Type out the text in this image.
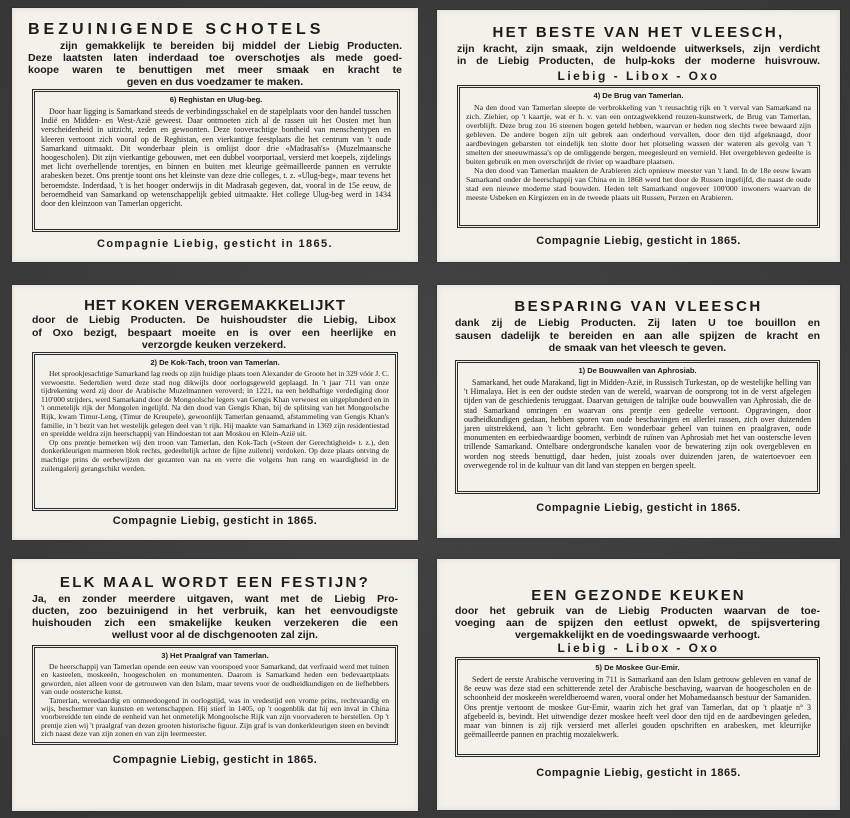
BEZUINIGENDE SCHOTELS
zijn gemakkelijk te bereiden bij middel der Liebig Producten.
Deze laatsten laten inderdaad toe overschotjes als mede goed-
koope waren te benuttigen met meer smaak en kracht te
geven en dus voedzamer te maken.
6) Reghistan en Ulug-beg.

Door haar ligging is Samarkand steeds de verbindingsschakel en de stapelplaats voor den handel tusschen Indië en Midden- en West-Azië geweest. Daar ontmoeten zich al de rassen uit het Oosten met hun verscheidenheid in uitzicht, zeden en gewoonten. Deze tooverachtige bontheid van menschentypen en kleeren vertoont zich vooral op de Reghistan, een vierkantige feestplaats die het centrum van 't oude Samarkand uitmaakt. Dit wonderbaar plein is omlijst door drie «Madrasah's» (Muzelmaansche hoogescholen). Dit zijn vierkantige gebouwen, met een dubbel voorportaal, versierd met koepels, zijdelings met licht overhellende torentjes, en binnen en buiten met kleurige geëmailleerde pannen en verrukte arabesken bezet. Ons prentje toont ons het kleinste van deze drie colleges, t. z. «Ulug-beg», maar tevens het beroemdste. Inderdaad, 't is het hooger onderwijs in dit Madrasah gegeven, dat, vooral in de 15e eeuw, de beroemdheid van Samarkand op wetenschappelijk gebied uitmaakte. Het college Ulug-beg werd in 1434 door den kleinzoon van Tamerlan opgericht.

Compagnie Liebig, gesticht in 1865.
HET BESTE VAN HET VLEESCH,
zijn kracht, zijn smaak, zijn weldoende uitwerksels, zijn verdicht
in de Liebig Producten, de hulp-koks der moderne huisvrouw.
Liebig - Libox - Oxo
4) De Brug van Tamerlan.

Na den dood van Tamerlan sleepte de verbrokkeling van 't reusachtig rijk en 't verval van Samarkand na zich. Ziehier, op 't kaartje, wat er h. v. van een ontzagwekkend reuzen-kunstwerk, de Brug van Tamerlan, overblijft. Deze brug zou 16 steenen bogen geteld hebben, waarvan er heden nog slechts twee bewaard zijn gebleven. De andere bogen zijn uit gebrek aan onderhoud vervallen, door den tijd afgeknaagd, door aardbevingen gebarsten tot eindelijk ten slotte door het plotseling wassen der wateren als gevolg van 't smelten der sneeuwmassa's op de omliggende bergen, meegesleurd en vernield. Het overgebleven gedeelte is buiten gebruik en men overschrijdt de rivier op waadbare plaatsen.

Na den dood van Tamerlan maakten de Arabieren zich opnieuw meester van 't land. In de 18e eeuw kwam Samarkand onder de heerschappij van China en in 1868 werd het door de Russen ingelijfd, die naast de oude stad een nieuwe moderne stad bouwden. Heden telt Samarkand ongeveer 100'000 inwoners waarvan de meeste Usbeken en Kirgiezen en in de tweede plaats uit Russen, Perzen en Arabieren.

Compagnie Liebig, gesticht in 1865.
HET KOKEN VERGEMAKKELIJKT
door de Liebig Producten. De huishoudster die Liebig, Libox
of Oxo bezigt, bespaart moeite en is over een heerlijke en
verzorgde keuken verzekerd.
2) De Kok-Tach, troon van Tamerlan.

Het sprookjesachtige Samarkand lag reeds op zijn huidige plaats toen Alexander de Groote het in 329 vóór J. C. verwoestte. Sedertdien werd deze stad nog dikwijls door oorlogsgeweld geplaagd. In 't jaar 711 van onze tijdrekening werd zij door de Arabische Muzelmannen veroverd; in 1221, na een heldhaftige verdediging door 110'000 strijders, werd Samarkand door de Mongoolsche legers van Gengis Khan verwoest en uitgeplunderd en in 't onmetelijk rijk der Mongolen ingelijfd. Na den dood van Gengis Khan, bij de splitsing van het Mongoolsche Rijk, kwam Timur-Leng, (Timur de Kreupele), gewoonlijk Tamerlan genaamd, afstammeling van Gengis Khan's familie, in 't bezit van het westelijk gelegen deel van 't rijk. Hij maakte van Samarkand in 1369 zijn residentiestad en spreidde weldra zijn heerschappij van Hindoestan tot aan Moskou en Klein-Azië uit.

Op ons prentje bemerken wij den troon van Tamerlan, den Kok-Tach («Steen der Gerechtigheid» t. z.), den donkerkleurigen marmeren blok rechts, gedeeltelijk achter de fijne zuilenrij verdoken. Op deze plaats ontving de machtige prins de eerbewijzen der gezanten van na en verre die volgens hun rang en waardigheid in de zuilengalerij gerangschikt werden.

Compagnie Liebig, gesticht in 1865.
BESPARING VAN VLEESCH
dank zij de Liebig Producten. Zij laten U toe bouillon en
sausen dadelijk te bereiden en aan alle spijzen de kracht en
de smaak van het vleesch te geven.
1) De Bouwvallen van Aphrosiab.

Samarkand, het oude Marakand, ligt in Midden-Azië, in Russisch Turkestan, op de westelijke helling van 't Himalaya. Het is een der oudste steden van de wereld, waarvan de oorsprong tot in de verst afgelegen tijden van de geschiedenis teruggaat. Daarvan getuigen de talrijke oude bouwvallen van Aphrosiab, die de stad Samarkand omringen en waarvan ons prentje een gedeelte vertoont. Opgravingen, door oudheidkundigen gedaan, hebben sporen van oude beschavingen en allerlei rassen, zich over duizenden jaren uitstrekkend, aan 't licht gebracht. Een wonderbaar geheel van tuinen en praalgraven, oude monumenten en eerbiedwaardige boomen, verbindt de ruïnen van Aphrosiab met het van oostersche leven trillende Samarkand. Ontelbare ondergrondsche kanalen voor de bewatering zijn ook overgebleven en worden nog steeds benuttigd, daar heden, juist zooals over duizenden jaren, de watertoevoer een overwegende rol in de kultuur van dit land van steppen en bergen speelt.

Compagnie Liebig, gesticht in 1865.
ELK MAAL WORDT EEN FESTIJN?
Ja, en zonder meerdere uitgaven, want met de Liebig Pro-
ducten, zoo bezuinigend in het verbruik, kan het eenvoudigste
huishouden zich een smakelijke keuken verzekeren die een
wellust voor al de dischgenooten zal zijn.
3) Het Praalgraf van Tamerlan.

De heerschappij van Tamerlan opende een eeuw van voorspoed voor Samarkand, dat verfraaid werd met tuinen en kasteelen, moskeeën, hoogescholen en monumenten. Daarom is Samarkand heden een bedevaartplaats geworden, niet alleen voor de getrouwen van den Islam, maar tevens voor de oudheidkundigen en de liefhebbers van oude oostersche kunst.

Tamerlan, wreedaardig en onmeedoogend in oorlogstijd, was in vredestijd een vrome prins, rechtvaardig en wijs, beschermer van kunsten en wetenschappen. Hij stierf in 1405, op 't oogenblik dat hij een inval in China voorbereidde ten einde de eenheid van het onmetelijk Mongoolsche Rijk van zijn voorvaderen te herstellen. Op 't prentje zien wij 't praalgraf van dezen grooten historische figuur. Zijn graf is van donkerkleurigen steen en bevindt zich naast deze van zijn zonen en van zijn leermeester.

Compagnie Liebig, gesticht in 1865.
EEN GEZONDE KEUKEN
door het gebruik van de Liebig Producten waarvan de toe-
voeging aan de spijzen den eetlust opwekt, de spijsvertering
vergemakkelijkt en de voedingswaarde verhoogt.
Liebig - Libox - Oxo
5) De Moskee Gur-Emir.

Sedert de eerste Arabische verovering in 711 is Samarkand aan den Islam getrouw gebleven en vanaf de 8e eeuw was deze stad een schitterende zetel der Arabische beschaving, waarvan de hoogescholen en de schoonheid der moskeeën wereldberoemd waren, vooral onder het Mohamedaansch bestuur der Samaniden. Ons prentje vertoont de moskee Gur-Emir, waarin zich het graf van Tamerlan, dat op 't plaatje n° 3 afgebeeld is, bevindt. Het uitwendige dezer moskee heeft veel door den tijd en de aardbevingen geleden, maar van binnen is zij rijk versierd met allerlei gouden opschriften en arabesken, met kleurrijke geëmailleerde pannen en prachtig mozaïekwerk.

Compagnie Liebig, gesticht in 1865.
